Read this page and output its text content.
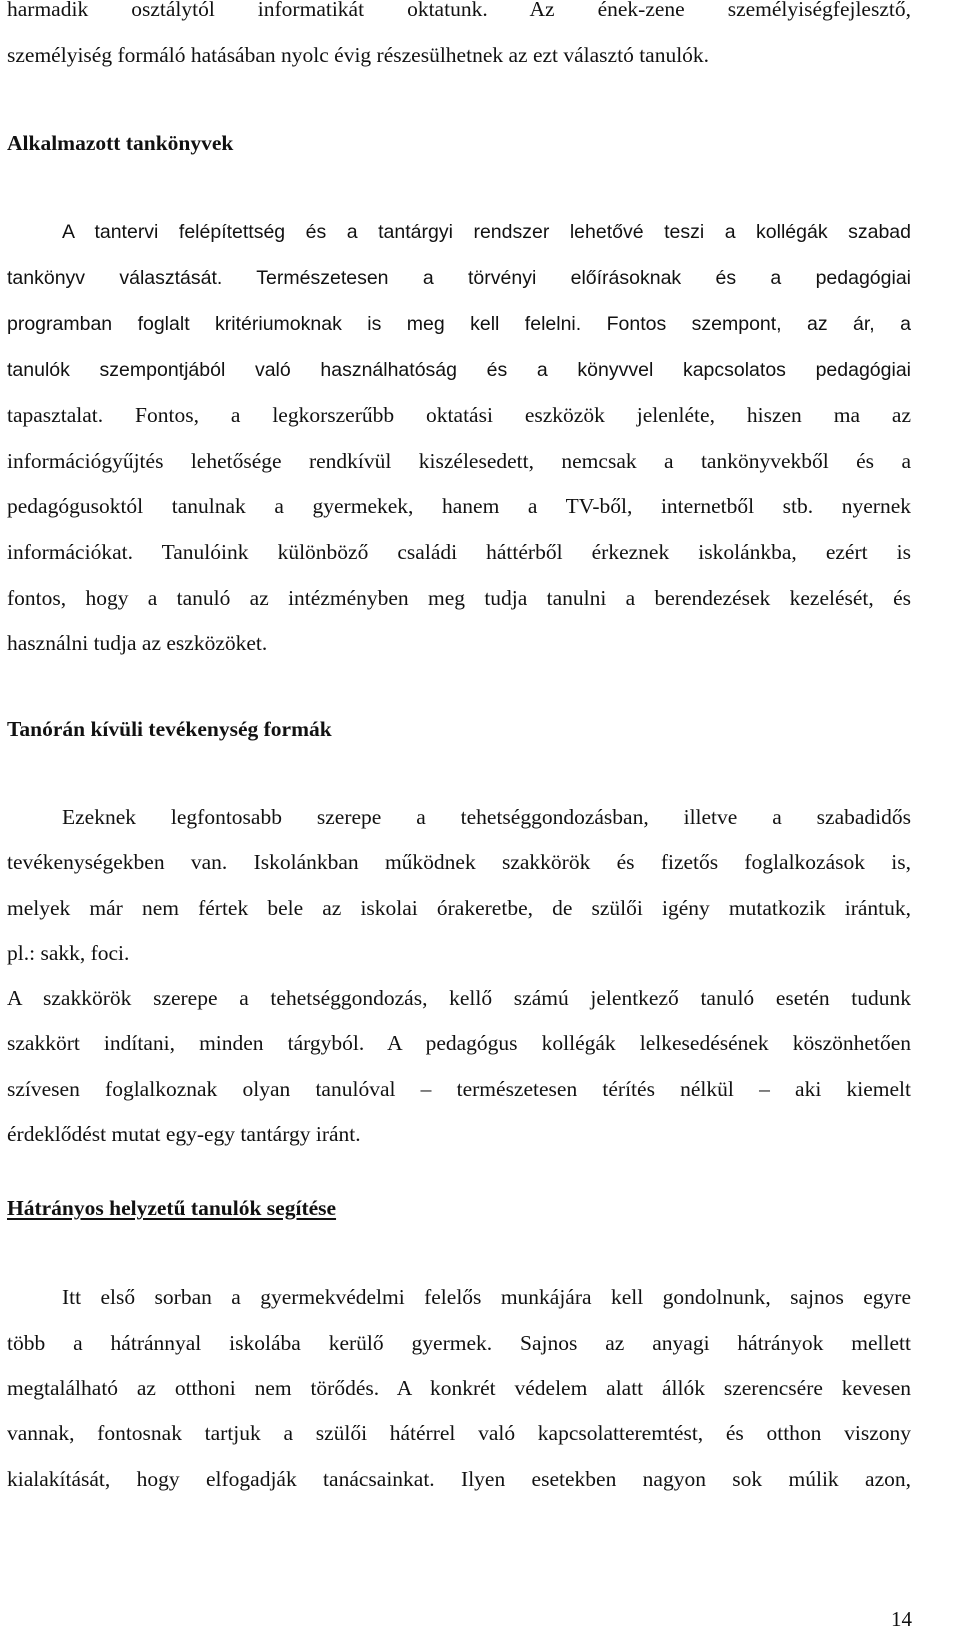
harmadik osztálytól informatikát oktatunk. Az ének-zene személyiségfejlesztő,
személyiség formáló hatásában nyolc évig részesülhetnek az ezt választó tanulók.
Alkalmazott tankönyvek
A tantervi felépítettség és a tantárgyi rendszer lehetővé teszi a kollégák szabad
tankönyv választását. Természetesen a törvényi előírásoknak és a pedagógiai
programban foglalt kritériumoknak is meg kell felelni. Fontos szempont, az ár, a
tanulók szempontjából való használhatóság és a könyvvel kapcsolatos pedagógiai
tapasztalat. Fontos, a legkorszerűbb oktatási eszközök jelenléte, hiszen ma az
információgyűjtés lehetősége rendkívül kiszélesedett, nemcsak a tankönyvekből és a
pedagógusoktól tanulnak a gyermekek, hanem a TV-ből, internetből stb. nyernek
információkat. Tanulóink különböző családi háttérből érkeznek iskolánkba, ezért is
fontos, hogy a tanuló az intézményben meg tudja tanulni a berendezések kezelését, és
használni tudja az eszközöket.
Tanórán kívüli tevékenység formák
Ezeknek legfontosabb szerepe a tehetséggondozásban, illetve a szabadidős
tevékenységekben van. Iskolánkban működnek szakkörök és fizetős foglalkozások is,
melyek már nem fértek bele az iskolai órakeretbe, de szülői igény mutatkozik irántuk,
pl.: sakk, foci.
A szakkörök szerepe a tehetséggondozás, kellő számú jelentkező tanuló esetén tudunk
szakkört indítani, minden tárgyból. A pedagógus kollégák lelkesedésének köszönhetően
szívesen foglalkoznak olyan tanulóval – természetesen térítés nélkül – aki kiemelt
érdeklődést mutat egy-egy tantárgy iránt.
Hátrányos helyzetű tanulók segítése
Itt első sorban a gyermekvédelmi felelős munkájára kell gondolnunk, sajnos egyre
több a hátránnyal iskolába kerülő gyermek. Sajnos az anyagi hátrányok mellett
megtalálható az otthoni nem törődés. A konkrét védelem alatt állók szerencsére kevesen
vannak, fontosnak tartjuk a szülői hátérrel való kapcsolatteremtést, és otthon viszony
kialakítását, hogy elfogadják tanácsainkat. Ilyen esetekben nagyon sok múlik azon,
14
